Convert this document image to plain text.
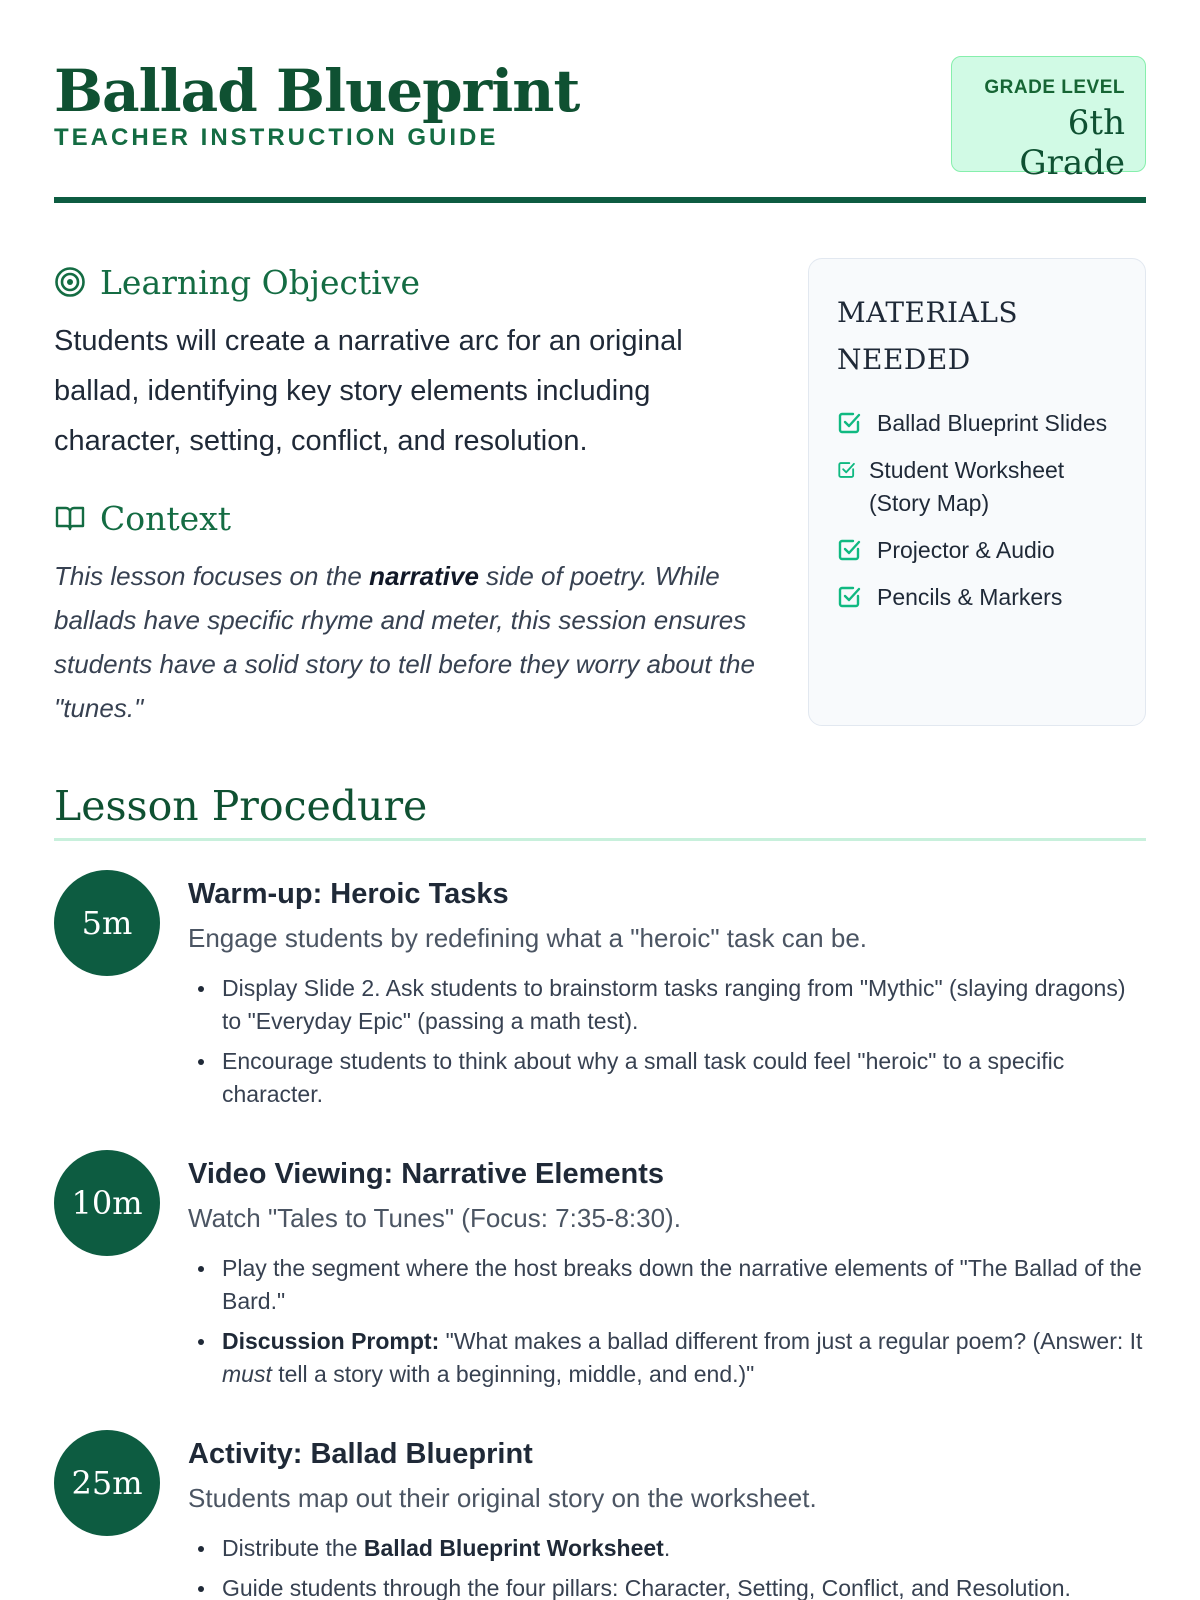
Ballad Blueprint
TEACHER INSTRUCTION GUIDE
GRADE LEVEL
6th Grade
Learning Objective

Students will create a narrative arc for an original ballad, identifying key story elements including character, setting, conflict, and resolution.

Context

This lesson focuses on the narrative side of poetry. While ballads have specific rhyme and meter, this session ensures students have a solid story to tell before they worry about the "tunes."

MATERIALS NEEDED
Ballad Blueprint Slides
Student Worksheet (Story Map)
Projector & Audio
Pencils & Markers
Lesson Procedure
5m
Warm-up: Heroic Tasks
Engage students by redefining what a "heroic" task can be.
Display Slide 2. Ask students to brainstorm tasks ranging from "Mythic" (slaying dragons) to "Everyday Epic" (passing a math test).
Encourage students to think about why a small task could feel "heroic" to a specific character.
10m
Video Viewing: Narrative Elements
Watch "Tales to Tunes" (Focus: 7:35-8:30).
Play the segment where the host breaks down the narrative elements of "The Ballad of the Bard."
Discussion Prompt: "What makes a ballad different from just a regular poem? (Answer: It must tell a story with a beginning, middle, and end.)"
25m
Activity: Ballad Blueprint
Students map out their original story on the worksheet.
Distribute the Ballad Blueprint Worksheet.
Guide students through the four pillars: Character, Setting, Conflict, and Resolution.
